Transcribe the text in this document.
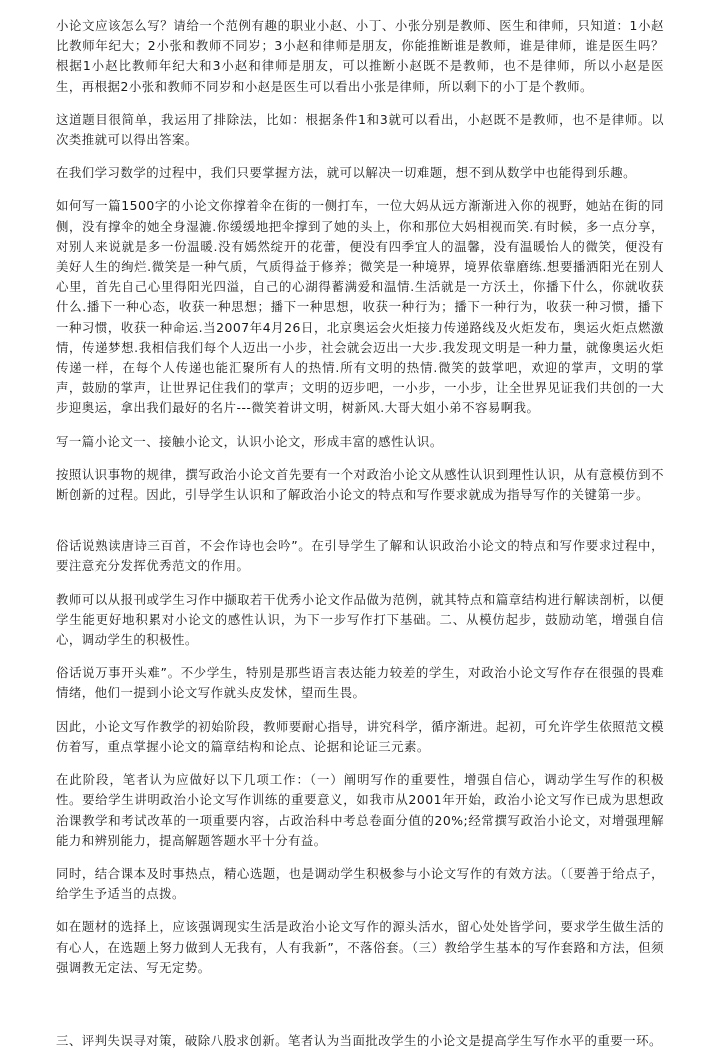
小论文应该怎么写？请给一个范例有趣的职业小赵、小丁、小张分别是教师、医生和律师，只知道：1小赵比教师年纪大；2小张和教师不同岁；3小赵和律师是朋友，你能推断谁是教师，谁是律师，谁是医生吗？根据1小赵比教师年纪大和3小赵和律师是朋友，可以推断小赵既不是教师，也不是律师，所以小赵是医生，再根据2小张和教师不同岁和小赵是医生可以看出小张是律师，所以剩下的小丁是个教师。

这道题目很简单，我运用了排除法，比如：根据条件1和3就可以看出，小赵既不是教师，也不是律师。以次类推就可以得出答案。

在我们学习数学的过程中，我们只要掌握方法，就可以解决一切难题，想不到从数学中也能得到乐趣。

如何写一篇1500字的小论文你撑着伞在街的一侧打车，一位大妈从远方渐渐进入你的视野，她站在街的同侧，没有撑伞的她全身湿漉.你缓缓地把伞撑到了她的头上，你和那位大妈相视而笑.有时候，多一点分享，对别人来说就是多一份温暖.没有嫣然绽开的花蕾，便没有四季宜人的温馨，没有温暖怡人的微笑，便没有美好人生的绚烂.微笑是一种气质，气质得益于修养；微笑是一种境界，境界依靠磨练.想要播洒阳光在别人心里，首先自己心里得阳光四溢，自己的心湖得蓄满爱和温情.生活就是一方沃土，你播下什么，你就收获什么.播下一种心态，收获一种思想；播下一种思想，收获一种行为；播下一种行为，收获一种习惯，播下一种习惯，收获一种命运.当2007年4月26日，北京奥运会火炬接力传递路线及火炬发布，奥运火炬点燃激情，传递梦想.我相信我们每个人迈出一小步，社会就会迈出一大步.我发现文明是一种力量，就像奥运火炬传递一样，在每个人传递也能汇聚所有人的热情.所有文明的热情.微笑的鼓掌吧，欢迎的掌声，文明的掌声，鼓励的掌声，让世界记住我们的掌声；文明的迈步吧，一小步，一小步，让全世界见证我们共创的一大步迎奥运，拿出我们最好的名片---微笑着讲文明，树新风.大哥大姐小弟不容易啊我。

写一篇小论文一、接触小论文，认识小论文，形成丰富的感性认识。

按照认识事物的规律，撰写政治小论文首先要有一个对政治小论文从感性认识到理性认识，从有意模仿到不断创新的过程。因此，引导学生认识和了解政治小论文的特点和写作要求就成为指导写作的关键第一步。

俗话说熟读唐诗三百首，不会作诗也会吟”。在引导学生了解和认识政治小论文的特点和写作要求过程中，要注意充分发挥优秀范文的作用。

教师可以从报刊或学生习作中撷取若干优秀小论文作品做为范例，就其特点和篇章结构进行解读剖析，以便学生能更好地积累对小论文的感性认识，为下一步写作打下基础。二、从模仿起步，鼓励动笔，增强自信心，调动学生的积极性。

俗话说万事开头难”。不少学生，特别是那些语言表达能力较差的学生，对政治小论文写作存在很强的畏难情绪，他们一提到小论文写作就头皮发怵，望而生畏。

因此，小论文写作教学的初始阶段，教师要耐心指导，讲究科学，循序渐进。起初，可允许学生依照范文模仿着写，重点掌握小论文的篇章结构和论点、论据和论证三元素。

在此阶段，笔者认为应做好以下几项工作：（一）阐明写作的重要性，增强自信心，调动学生写作的积极性。要给学生讲明政治小论文写作训练的重要意义，如我市从2001年开始，政治小论文写作已成为思想政治课教学和考试改革的一项重要内容，占政治科中考总卷面分值的20%;经常撰写政治小论文，对增强理解能力和辨别能力，提高解题答题水平十分有益。

同时，结合课本及时事热点，精心选题，也是调动学生积极参与小论文写作的有效方法。（〔要善于给点子，给学生予适当的点拨。

如在题材的选择上，应该强调现实生活是政治小论文写作的源头活水，留心处处皆学问，要求学生做生活的有心人，在选题上努力做到人无我有，人有我新”，不落俗套。（三）教给学生基本的写作套路和方法，但须强调教无定法、写无定势。

三、评判失误寻对策，破除八股求创新。笔者认为当面批改学生的小论文是提高学生写作水平的重要一环。
